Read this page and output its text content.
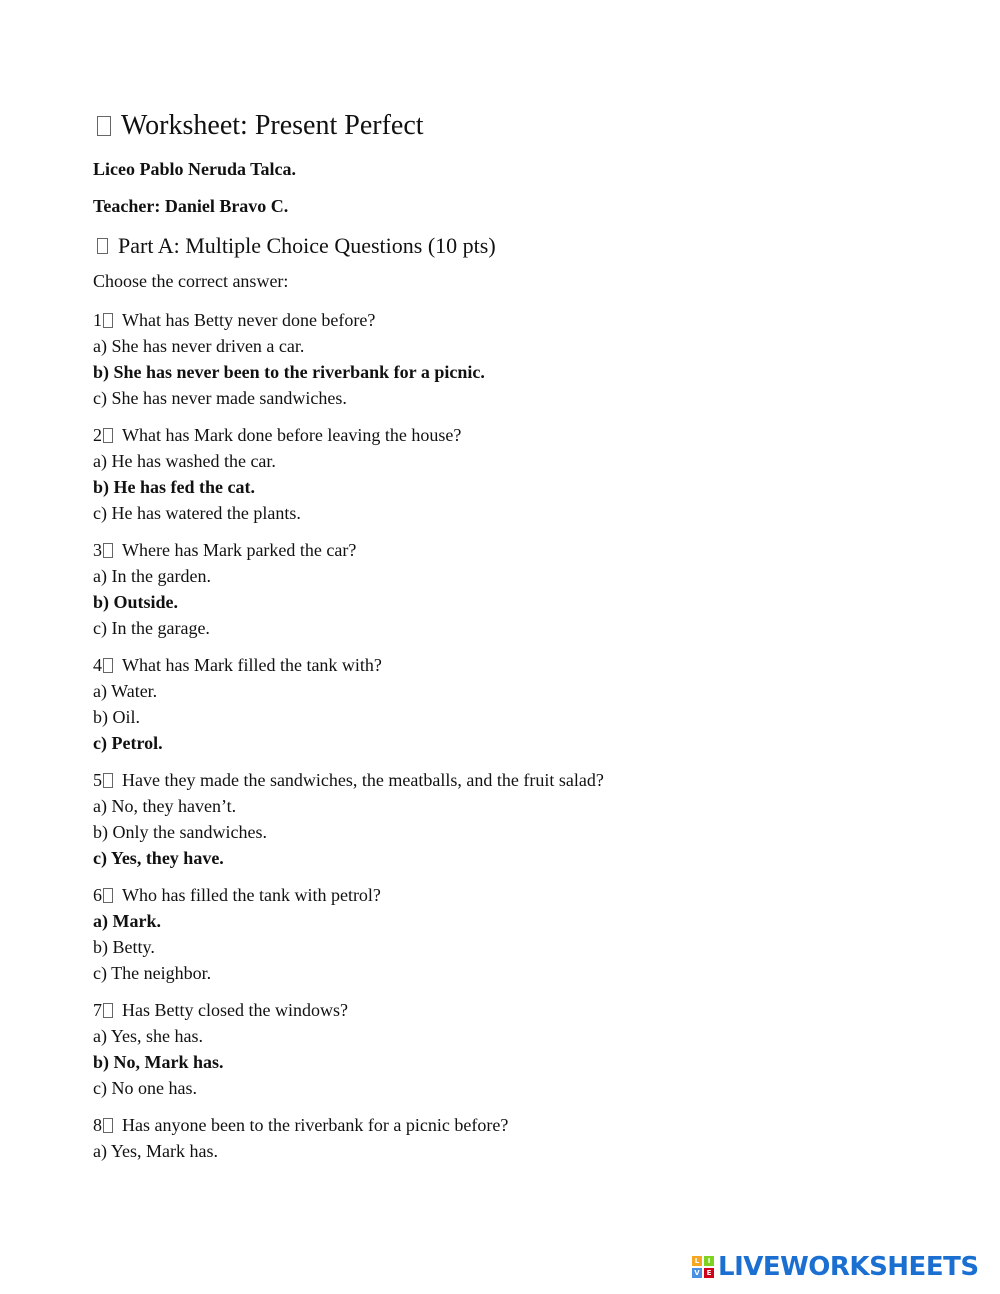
Worksheet: Present Perfect

Liceo Pablo Neruda Talca.

Teacher: Daniel Bravo C.

Part A: Multiple Choice Questions (10 pts)

Choose the correct answer:

1 What has Betty never done before?

a) She has never driven a car.

b) She has never been to the riverbank for a picnic.

c) She has never made sandwiches.

2 What has Mark done before leaving the house?

a) He has washed the car.

b) He has fed the cat.

c) He has watered the plants.

3 Where has Mark parked the car?

a) In the garden.

b) Outside.

c) In the garage.

4 What has Mark filled the tank with?

a) Water.

b) Oil.

c) Petrol.

5 Have they made the sandwiches, the meatballs, and the fruit salad?

a) No, they haven’t.

b) Only the sandwiches.

c) Yes, they have.

6 Who has filled the tank with petrol?

a) Mark.

b) Betty.

c) The neighbor.

7 Has Betty closed the windows?

a) Yes, she has.

b) No, Mark has.

c) No one has.

8 Has anyone been to the riverbank for a picnic before?

a) Yes, Mark has.

L	I
V E LIVEWORKSHEETS
